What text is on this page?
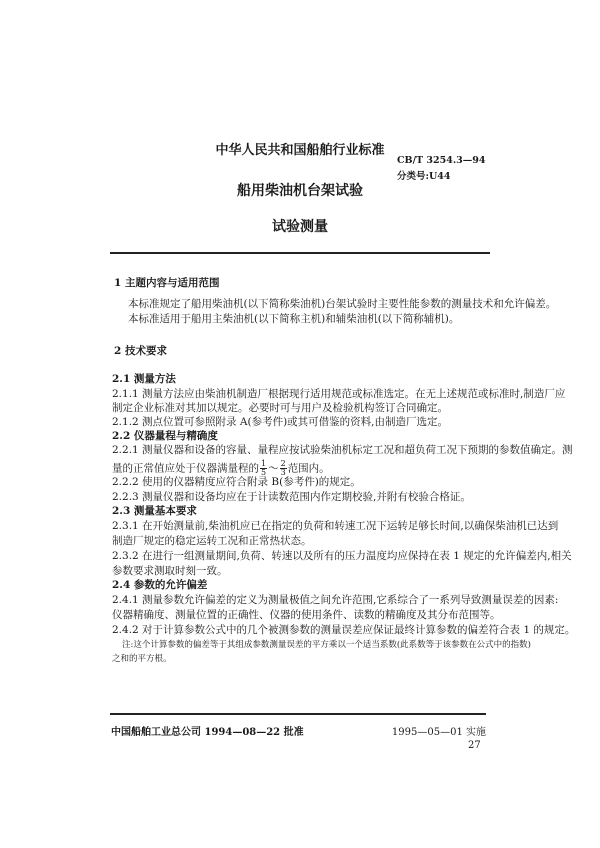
中华人民共和国船舶行业标准
CB/T 3254.3—94
分类号:U44
船用柴油机台架试验
试验测量
1 主题内容与适用范围
本标准规定了船用柴油机(以下简称柴油机)台架试验时主要性能参数的测量技术和允许偏差。
本标准适用于船用主柴油机(以下简称主机)和辅柴油机(以下简称辅机)。
2 技术要求
2.1 测量方法
2.1.1 测量方法应由柴油机制造厂根据现行适用规范或标准选定。在无上述规范或标准时,制造厂应
制定企业标准对其加以规定。必要时可与用户及检验机构签订合同确定。
2.1.2 测点位置可参照附录 A(参考件)或其可借鉴的资料,由制造厂选定。
2.2 仪器量程与精确度
2.2.1 测量仪器和设备的容量、量程应按试验柴油机标定工况和超负荷工况下预期的参数值确定。测
量的正常值应处于仪器满量程的 $\frac{1}{5}$ ～ $\frac{2}{3}$ 范围内。
2.2.2 使用的仪器精度应符合附录 B(参考件)的规定。
2.2.3 测量仪器和设备均应在于计读数范围内作定期校验,并附有校验合格证。
2.3 测量基本要求
2.3.1 在开始测量前,柴油机应已在指定的负荷和转速工况下运转足够长时间,以确保柴油机已达到
制造厂规定的稳定运转工况和正常热状态。
2.3.2 在进行一组测量期间,负荷、转速以及所有的压力温度均应保持在表 1 规定的允许偏差内,相关
参数要求测取时刻一致。
2.4 参数的允许偏差
2.4.1 测量参数允许偏差的定义为测量极值之间允许范围,它系综合了一系列导致测量误差的因素:
仪器精确度、测量位置的正确性、仪器的使用条件、读数的精确度及其分布范围等。
2.4.2 对于计算参数公式中的几个被测参数的测量误差应保证最终计算参数的偏差符合表 1 的规定。
注:这个计算参数的偏差等于其组成参数测量误差的平方乘以一个适当系数(此系数等于该参数在公式中的指数)
之和的平方根。
中国船舶工业总公司 1994—08—22 批准	1995—05—01 实施
27
